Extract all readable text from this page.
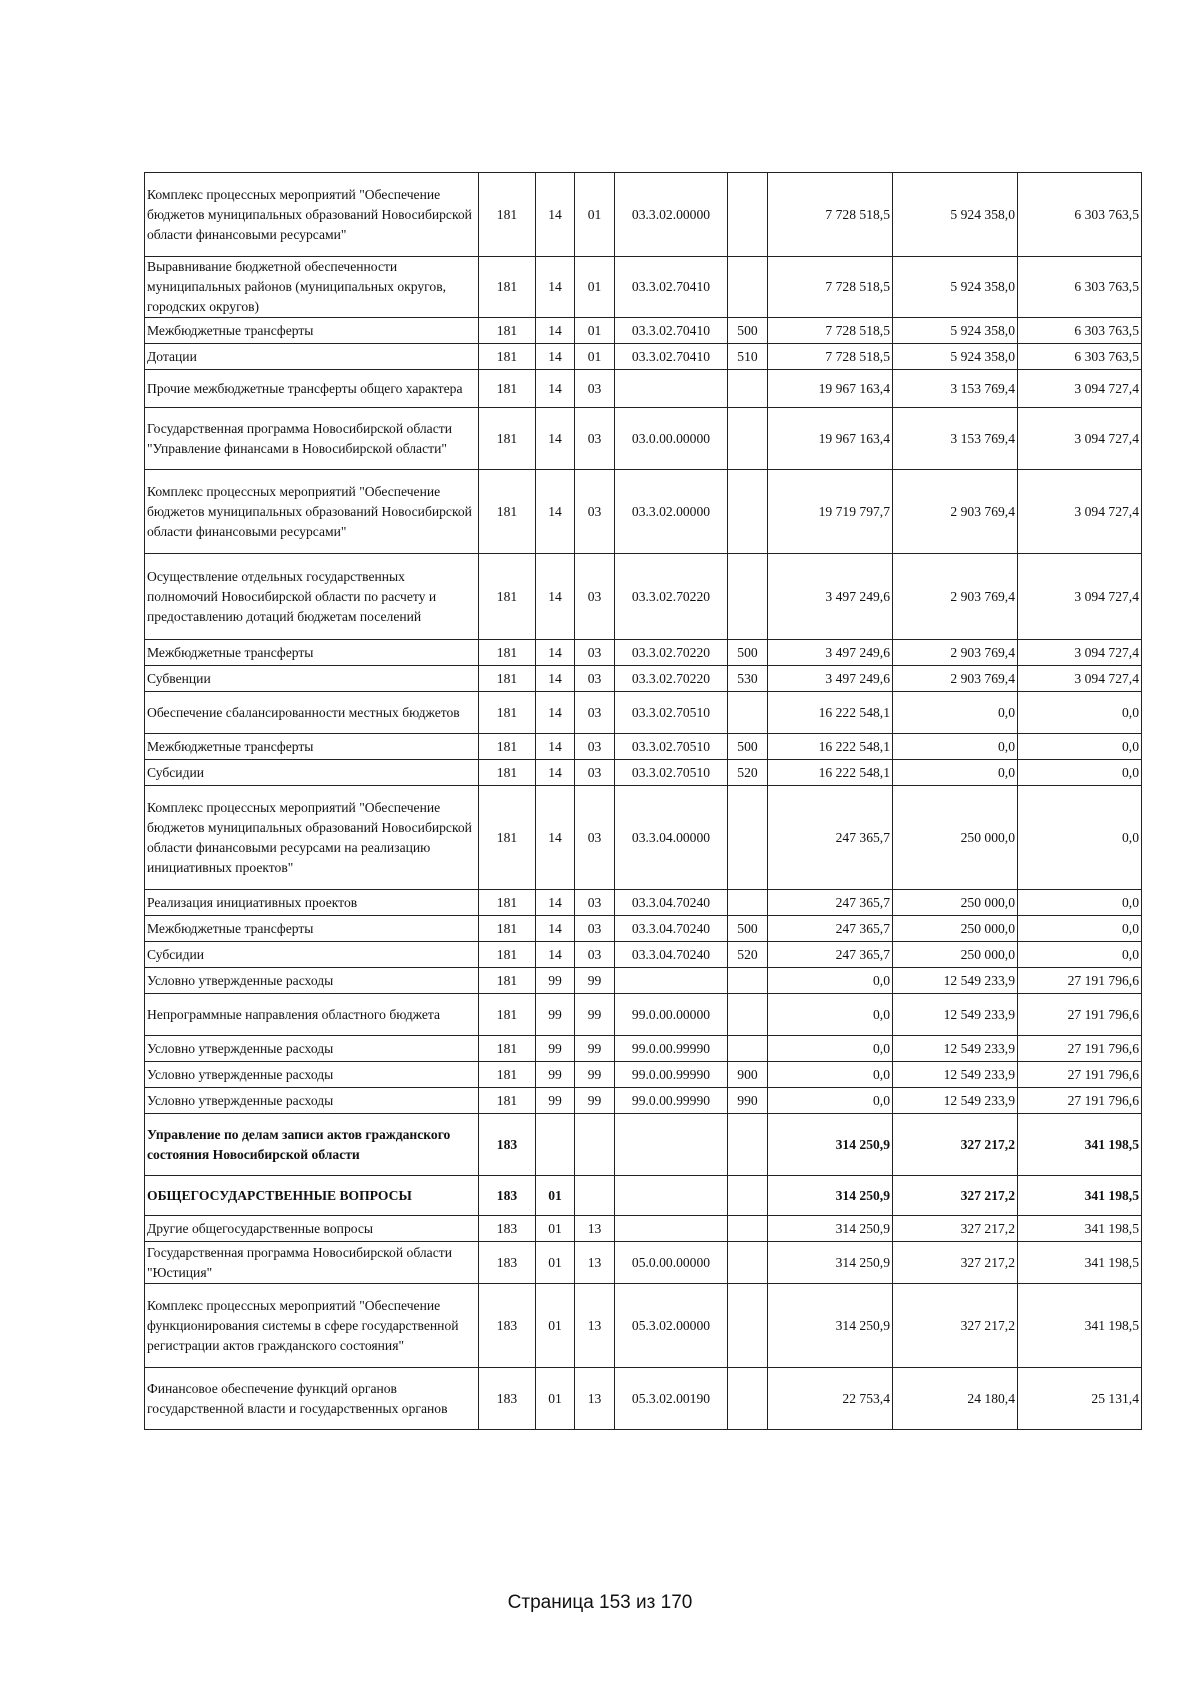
Комплекс процессных мероприятий "Обеспечение бюджетов муниципальных образований Новосибирской области финансовыми ресурсами"	181	14	01	03.3.02.00000		7 728 518,5	5 924 358,0	6 303 763,5
Выравнивание бюджетной обеспеченности муниципальных районов (муниципальных округов, городских округов)	181	14	01	03.3.02.70410		7 728 518,5	5 924 358,0	6 303 763,5
Межбюджетные трансферты	181	14	01	03.3.02.70410	500	7 728 518,5	5 924 358,0	6 303 763,5
Дотации	181	14	01	03.3.02.70410	510	7 728 518,5	5 924 358,0	6 303 763,5
Прочие межбюджетные трансферты общего характера	181	14	03			19 967 163,4	3 153 769,4	3 094 727,4
Государственная программа Новосибирской области "Управление финансами в Новосибирской области"	181	14	03	03.0.00.00000		19 967 163,4	3 153 769,4	3 094 727,4
Комплекс процессных мероприятий "Обеспечение бюджетов муниципальных образований Новосибирской области финансовыми ресурсами"	181	14	03	03.3.02.00000		19 719 797,7	2 903 769,4	3 094 727,4
Осуществление отдельных государственных полномочий Новосибирской области по расчету и предоставлению дотаций бюджетам поселений	181	14	03	03.3.02.70220		3 497 249,6	2 903 769,4	3 094 727,4
Межбюджетные трансферты	181	14	03	03.3.02.70220	500	3 497 249,6	2 903 769,4	3 094 727,4
Субвенции	181	14	03	03.3.02.70220	530	3 497 249,6	2 903 769,4	3 094 727,4
Обеспечение сбалансированности местных бюджетов	181	14	03	03.3.02.70510		16 222 548,1	0,0	0,0
Межбюджетные трансферты	181	14	03	03.3.02.70510	500	16 222 548,1	0,0	0,0
Субсидии	181	14	03	03.3.02.70510	520	16 222 548,1	0,0	0,0
Комплекс процессных мероприятий "Обеспечение бюджетов муниципальных образований Новосибирской области финансовыми ресурсами на реализацию инициативных проектов"	181	14	03	03.3.04.00000		247 365,7	250 000,0	0,0
Реализация инициативных проектов	181	14	03	03.3.04.70240		247 365,7	250 000,0	0,0
Межбюджетные трансферты	181	14	03	03.3.04.70240	500	247 365,7	250 000,0	0,0
Субсидии	181	14	03	03.3.04.70240	520	247 365,7	250 000,0	0,0
Условно утвержденные расходы	181	99	99			0,0	12 549 233,9	27 191 796,6
Непрограммные направления областного бюджета	181	99	99	99.0.00.00000		0,0	12 549 233,9	27 191 796,6
Условно утвержденные расходы	181	99	99	99.0.00.99990		0,0	12 549 233,9	27 191 796,6
Условно утвержденные расходы	181	99	99	99.0.00.99990	900	0,0	12 549 233,9	27 191 796,6
Условно утвержденные расходы	181	99	99	99.0.00.99990	990	0,0	12 549 233,9	27 191 796,6
Управление по делам записи актов гражданского состояния Новосибирской области	183					314 250,9	327 217,2	341 198,5
ОБЩЕГОСУДАРСТВЕННЫЕ ВОПРОСЫ	183	01				314 250,9	327 217,2	341 198,5
Другие общегосударственные вопросы	183	01	13			314 250,9	327 217,2	341 198,5
Государственная программа Новосибирской области "Юстиция"	183	01	13	05.0.00.00000		314 250,9	327 217,2	341 198,5
Комплекс процессных мероприятий "Обеспечение функционирования системы в сфере государственной регистрации актов гражданского состояния"	183	01	13	05.3.02.00000		314 250,9	327 217,2	341 198,5
Финансовое обеспечение функций органов государственной власти и государственных органов	183	01	13	05.3.02.00190		22 753,4	24 180,4	25 131,4
Страница 153 из 170
